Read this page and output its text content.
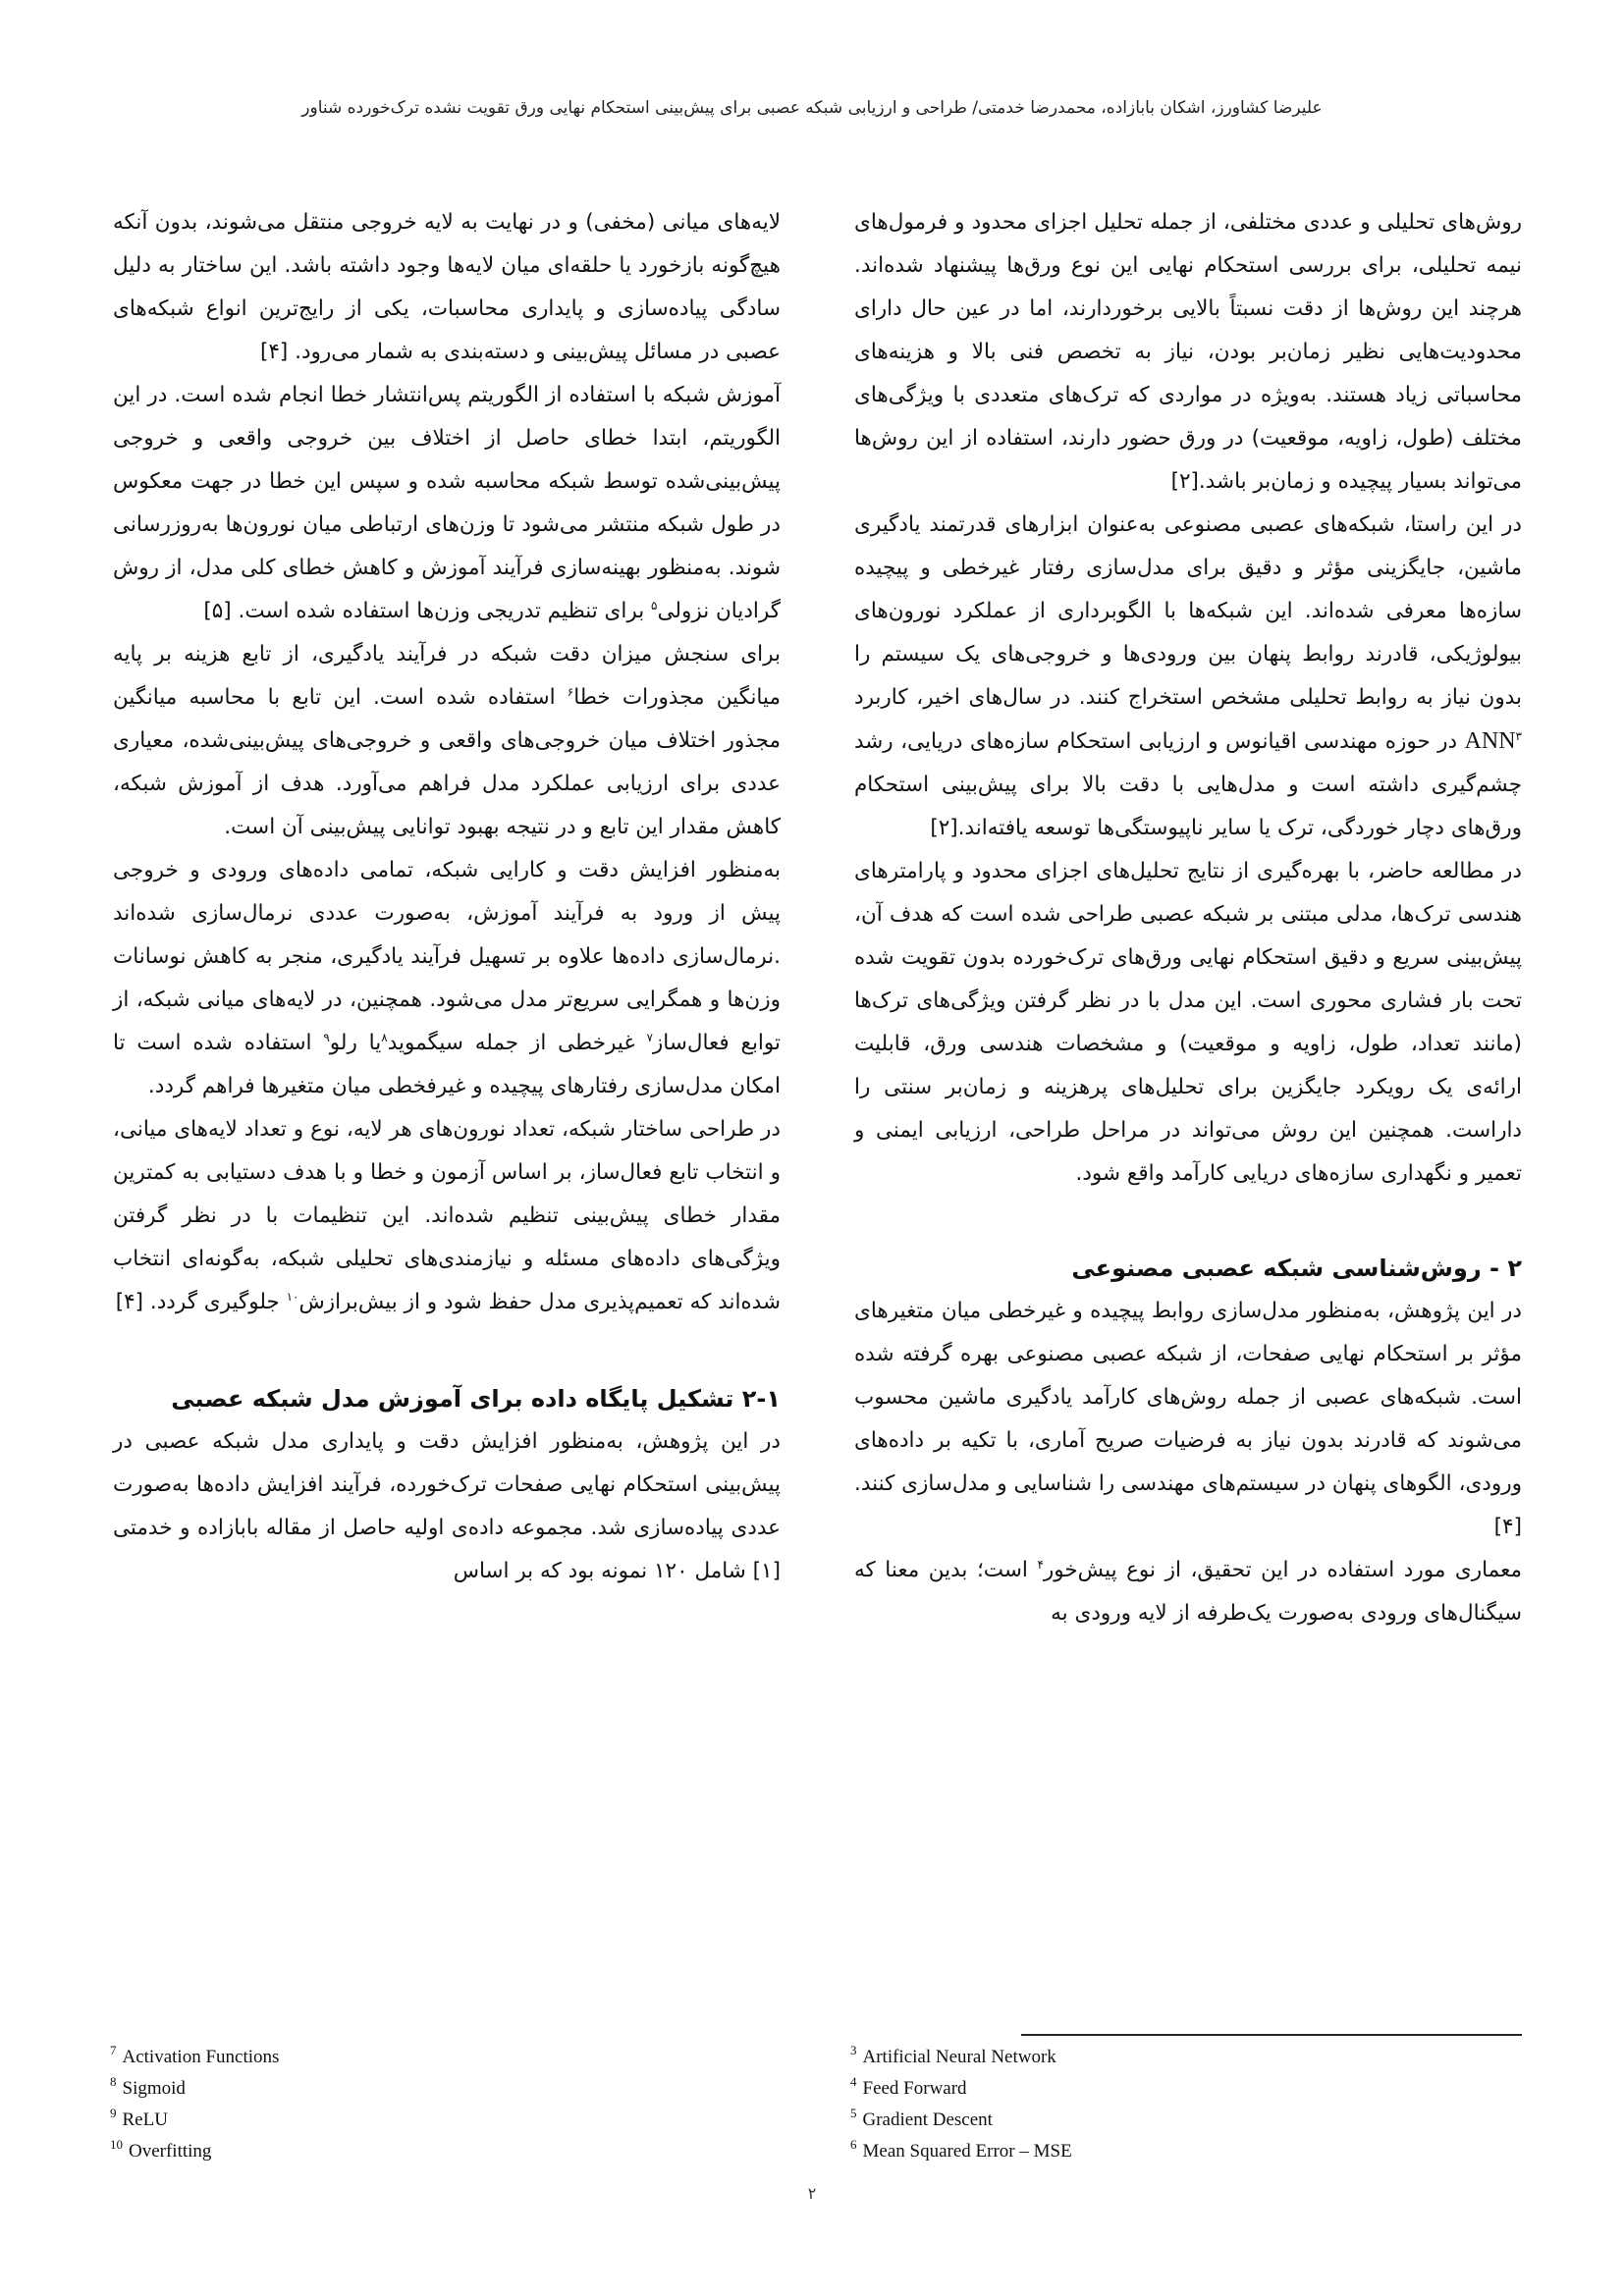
علیرضا کشاورز، اشکان بابازاده، محمدرضا خدمتی/ طراحی و ارزیابی شبکه عصبی برای پیش‌بینی استحکام نهایی ورق تقویت نشده ترک‌خورده شناور

روش‌های تحلیلی و عددی مختلفی، از جمله تحلیل اجزای محدود و فرمول‌های نیمه تحلیلی، برای بررسی استحکام نهایی این نوع ورق‌ها پیشنهاد شده‌اند. هرچند این روش‌ها از دقت نسبتاً بالایی برخوردارند، اما در عین حال دارای محدودیت‌هایی نظیر زمان‌بر بودن، نیاز به تخصص فنی بالا و هزینه‌های محاسباتی زیاد هستند. به‌ویژه در مواردی که ترک‌های متعددی با ویژگی‌های مختلف (طول، زاویه، موقعیت) در ورق حضور دارند، استفاده از این روش‌ها می‌تواند بسیار پیچیده و زمان‌بر باشد.[۲]

در این راستا، شبکه‌های عصبی مصنوعی به‌عنوان ابزارهای قدرتمند یادگیری ماشین، جایگزینی مؤثر و دقیق برای مدل‌سازی رفتار غیرخطی و پیچیده سازه‌ها معرفی شده‌اند. این شبکه‌ها با الگوبرداری از عملکرد نورون‌های بیولوژیکی، قادرند روابط پنهان بین ورودی‌ها و خروجی‌های یک سیستم را بدون نیاز به روابط تحلیلی مشخص استخراج کنند. در سال‌های اخیر، کاربرد ANN$^۳$ در حوزه مهندسی اقیانوس و ارزیابی استحکام سازه‌های دریایی، رشد چشم‌گیری داشته است و مدل‌هایی با دقت بالا برای پیش‌بینی استحکام ورق‌های دچار خوردگی، ترک یا سایر ناپیوستگی‌ها توسعه یافته‌اند.[۲]

در مطالعه حاضر، با بهره‌گیری از نتایج تحلیل‌های اجزای محدود و پارامترهای هندسی ترک‌ها، مدلی مبتنی بر شبکه عصبی طراحی شده است که هدف آن، پیش‌بینی سریع و دقیق استحکام نهایی ورق‌های ترک‌خورده بدون تقویت شده تحت بار فشاری محوری است. این مدل با در نظر گرفتن ویژگی‌های ترک‌ها (مانند تعداد، طول، زاویه و موقعیت) و مشخصات هندسی ورق، قابلیت ارائه‌ی یک رویکرد جایگزین برای تحلیل‌های پرهزینه و زمان‌بر سنتی را داراست. همچنین این روش می‌تواند در مراحل طراحی، ارزیابی ایمنی و تعمیر و نگهداری سازه‌های دریایی کارآمد واقع شود.

۲ - روش‌شناسی شبکه عصبی مصنوعی

در این پژوهش، به‌منظور مدل‌سازی روابط پیچیده و غیرخطی میان متغیرهای مؤثر بر استحکام نهایی صفحات، از شبکه عصبی مصنوعی بهره گرفته شده است. شبکه‌های عصبی از جمله روش‌های کارآمد یادگیری ماشین محسوب می‌شوند که قادرند بدون نیاز به فرضیات صریح آماری، با تکیه بر داده‌های ورودی، الگوهای پنهان در سیستم‌های مهندسی را شناسایی و مدل‌سازی کنند. [۴]

معماری مورد استفاده در این تحقیق، از نوع پیش‌خور$^۴$ است؛ بدین معنا که سیگنال‌های ورودی به‌صورت یک‌طرفه از لایه ورودی به

لایه‌های میانی (مخفی) و در نهایت به لایه خروجی منتقل می‌شوند، بدون آنکه هیچ‌گونه بازخورد یا حلقه‌ای میان لایه‌ها وجود داشته باشد. این ساختار به دلیل سادگی پیاده‌سازی و پایداری محاسبات، یکی از رایج‌ترین انواع شبکه‌های عصبی در مسائل پیش‌بینی و دسته‌بندی به شمار می‌رود. [۴]

آموزش شبکه با استفاده از الگوریتم پس‌انتشار خطا انجام شده است. در این الگوریتم، ابتدا خطای حاصل از اختلاف بین خروجی واقعی و خروجی پیش‌بینی‌شده توسط شبکه محاسبه شده و سپس این خطا در جهت معکوس در طول شبکه منتشر می‌شود تا وزن‌های ارتباطی میان نورون‌ها به‌روزرسانی شوند. به‌منظور بهینه‌سازی فرآیند آموزش و کاهش خطای کلی مدل، از روش گرادیان نزولی$^۵$ برای تنظیم تدریجی وزن‌ها استفاده شده است. [۵]

برای سنجش میزان دقت شبکه در فرآیند یادگیری، از تابع هزینه بر پایه میانگین مجذورات خطا$^۶$ استفاده شده است. این تابع با محاسبه میانگین مجذور اختلاف میان خروجی‌های واقعی و خروجی‌های پیش‌بینی‌شده، معیاری عددی برای ارزیابی عملکرد مدل فراهم می‌آورد. هدف از آموزش شبکه، کاهش مقدار این تابع و در نتیجه بهبود توانایی پیش‌بینی آن است.

به‌منظور افزایش دقت و کارایی شبکه، تمامی داده‌های ورودی و خروجی پیش از ورود به فرآیند آموزش، به‌صورت عددی نرمال‌سازی شده‌اند .نرمال‌سازی داده‌ها علاوه بر تسهیل فرآیند یادگیری، منجر به کاهش نوسانات وزن‌ها و همگرایی سریع‌تر مدل می‌شود. همچنین، در لایه‌های میانی شبکه، از توابع فعال‌ساز$^۷$ غیرخطی از جمله سیگموید$^۸$یا رلو$^۹$ استفاده شده است تا امکان مدل‌سازی رفتارهای پیچیده و غیرفخطی میان متغیرها فراهم گردد.

در طراحی ساختار شبکه، تعداد نورون‌های هر لایه، نوع و تعداد لایه‌های میانی، و انتخاب تابع فعال‌ساز، بر اساس آزمون و خطا و با هدف دستیابی به کمترین مقدار خطای پیش‌بینی تنظیم شده‌اند. این تنظیمات با در نظر گرفتن ویژگی‌های داده‌های مسئله و نیازمندی‌های تحلیلی شبکه، به‌گونه‌ای انتخاب شده‌اند که تعمیم‌پذیری مدل حفظ شود و از بیش‌برازش$^{۱۰}$ جلوگیری گردد. [۴]

۲-۱ تشکیل پایگاه داده برای آموزش مدل شبکه عصبی

در این پژوهش، به‌منظور افزایش دقت و پایداری مدل شبکه عصبی در پیش‌بینی استحکام نهایی صفحات ترک‌خورده، فرآیند افزایش داده‌ها به‌صورت عددی پیاده‌سازی شد. مجموعه داده‌ی اولیه حاصل از مقاله بابازاده و خدمتی [۱] شامل ۱۲۰ نمونه بود که بر اساس

$^3$ Artificial Neural Network
$^4$ Feed Forward
$^5$ Gradient Descent
$^6$ Mean Squared Error – MSE
$^7$ Activation Functions
$^8$ Sigmoid
$^9$ ReLU
$^{10}$ Overfitting
۲
